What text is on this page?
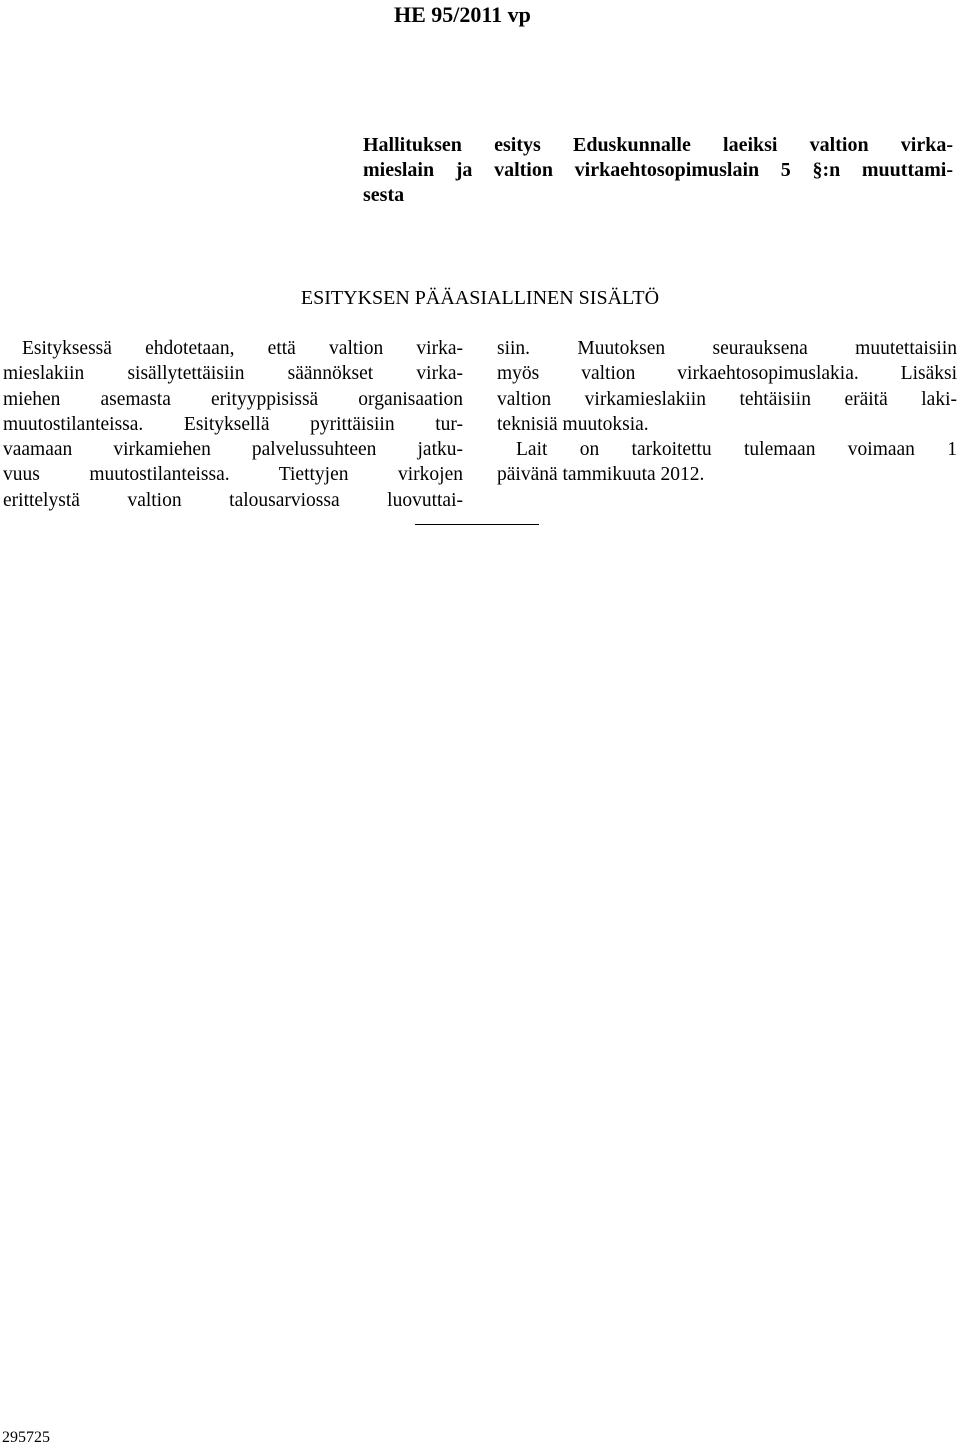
HE 95/2011 vp
Hallituksen esitys Eduskunnalle laeiksi valtion virka-
mieslain ja valtion virkaehtosopimuslain 5 §:n muuttami-
sesta
ESITYKSEN PÄÄASIALLINEN SISÄLTÖ
Esityksessä ehdotetaan, että valtion virka-
mieslakiin sisällytettäisiin säännökset virka-
miehen asemasta erityyppisissä organisaation
muutostilanteissa. Esityksellä pyrittäisiin tur-
vaamaan virkamiehen palvelussuhteen jatku-
vuus muutostilanteissa. Tiettyjen virkojen
erittelystä valtion talousarviossa luovuttai-
siin. Muutoksen seurauksena muutettaisiin
myös valtion virkaehtosopimuslakia. Lisäksi
valtion virkamieslakiin tehtäisiin eräitä laki-
teknisiä muutoksia.
Lait on tarkoitettu tulemaan voimaan 1
päivänä tammikuuta 2012.
295725
